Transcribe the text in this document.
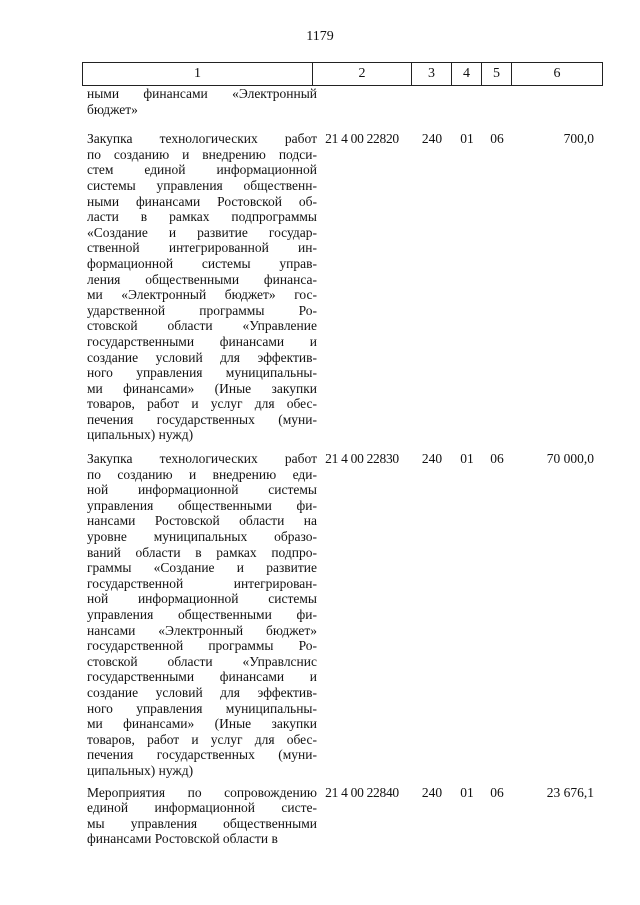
1179
1	2	3	4	5	6
ными финансами «Электронный
бюджет»
Закупка технологических работ
по созданию и внедрению подси-
стем единой информационной
системы управления общественн-
ными финансами Ростовской об-
ласти в рамках подпрограммы
«Создание и развитие государ-
ственной интегрированной ин-
формационной системы управ-
ления общественными финанса-
ми «Электронный бюджет» гос-
ударственной программы Ро-
стовской области «Управление
государственными финансами и
создание условий для эффектив-
ного управления муниципальны-
ми финансами» (Иные закупки
товаров, работ и услуг для обес-
печения государственных (муни-
ципальных) нужд)
21 4 00 22820	240	01	06	700,0
Закупка технологических работ
по созданию и внедрению еди-
ной информационной системы
управления общественными фи-
нансами Ростовской области на
уровне муниципальных образо-
ваний области в рамках подпро-
граммы «Создание и развитие
государственной интегрирован-
ной информационной системы
управления общественными фи-
нансами «Электронный бюджет»
государственной программы Ро-
стовской области «Управлснис
государственными финансами и
создание условий для эффектив-
ного управления муниципальны-
ми финансами» (Иные закупки
товаров, работ и услуг для обес-
печения государственных (муни-
ципальных) нужд)
21 4 00 22830	240	01	06	70 000,0
Мероприятия по сопровождению
единой информационной систе-
мы управления общественными
финансами Ростовской области в
21 4 00 22840	240	01	06	23 676,1
